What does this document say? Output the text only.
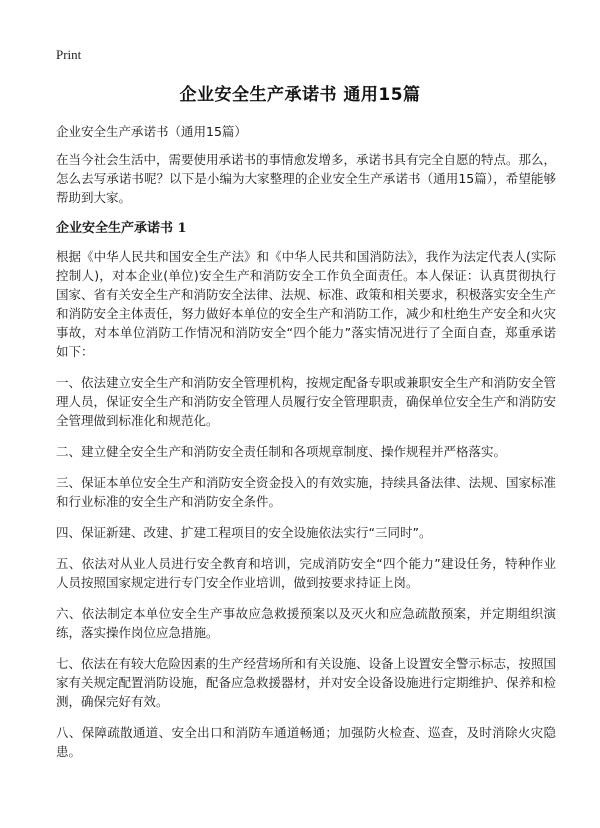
Print
企业安全生产承诺书 通用15篇

企业安全生产承诺书（通用15篇）

在当今社会生活中，需要使用承诺书的事情愈发增多，承诺书具有完全自愿的特点。那么，怎么去写承诺书呢？以下是小编为大家整理的企业安全生产承诺书（通用15篇），希望能够帮助到大家。

企业安全生产承诺书 1

根据《中华人民共和国安全生产法》和《中华人民共和国消防法》，我作为法定代表人(实际控制人)，对本企业(单位)安全生产和消防安全工作负全面责任。本人保证：认真贯彻执行国家、省有关安全生产和消防安全法律、法规、标准、政策和相关要求，积极落实安全生产和消防安全主体责任，努力做好本单位的安全生产和消防工作，减少和杜绝生产安全和火灾事故，对本单位消防工作情况和消防安全“四个能力”落实情况进行了全面自查，郑重承诺如下：

一、依法建立安全生产和消防安全管理机构，按规定配备专职或兼职安全生产和消防安全管理人员，保证安全生产和消防安全管理人员履行安全管理职责，确保单位安全生产和消防安全管理做到标准化和规范化。

二、建立健全安全生产和消防安全责任制和各项规章制度、操作规程并严格落实。

三、保证本单位安全生产和消防安全资金投入的有效实施，持续具备法律、法规、国家标准和行业标准的安全生产和消防安全条件。

四、保证新建、改建、扩建工程项目的安全设施依法实行“三同时”。

五、依法对从业人员进行安全教育和培训，完成消防安全“四个能力”建设任务，特种作业人员按照国家规定进行专门安全作业培训，做到按要求持证上岗。

六、依法制定本单位安全生产事故应急救援预案以及灭火和应急疏散预案，并定期组织演练，落实操作岗位应急措施。

七、依法在有较大危险因素的生产经营场所和有关设施、设备上设置安全警示标志，按照国家有关规定配置消防设施，配备应急救援器材，并对安全设备设施进行定期维护、保养和检测，确保完好有效。

八、保障疏散通道、安全出口和消防车通道畅通；加强防火检查、巡查，及时消除火灾隐患。
